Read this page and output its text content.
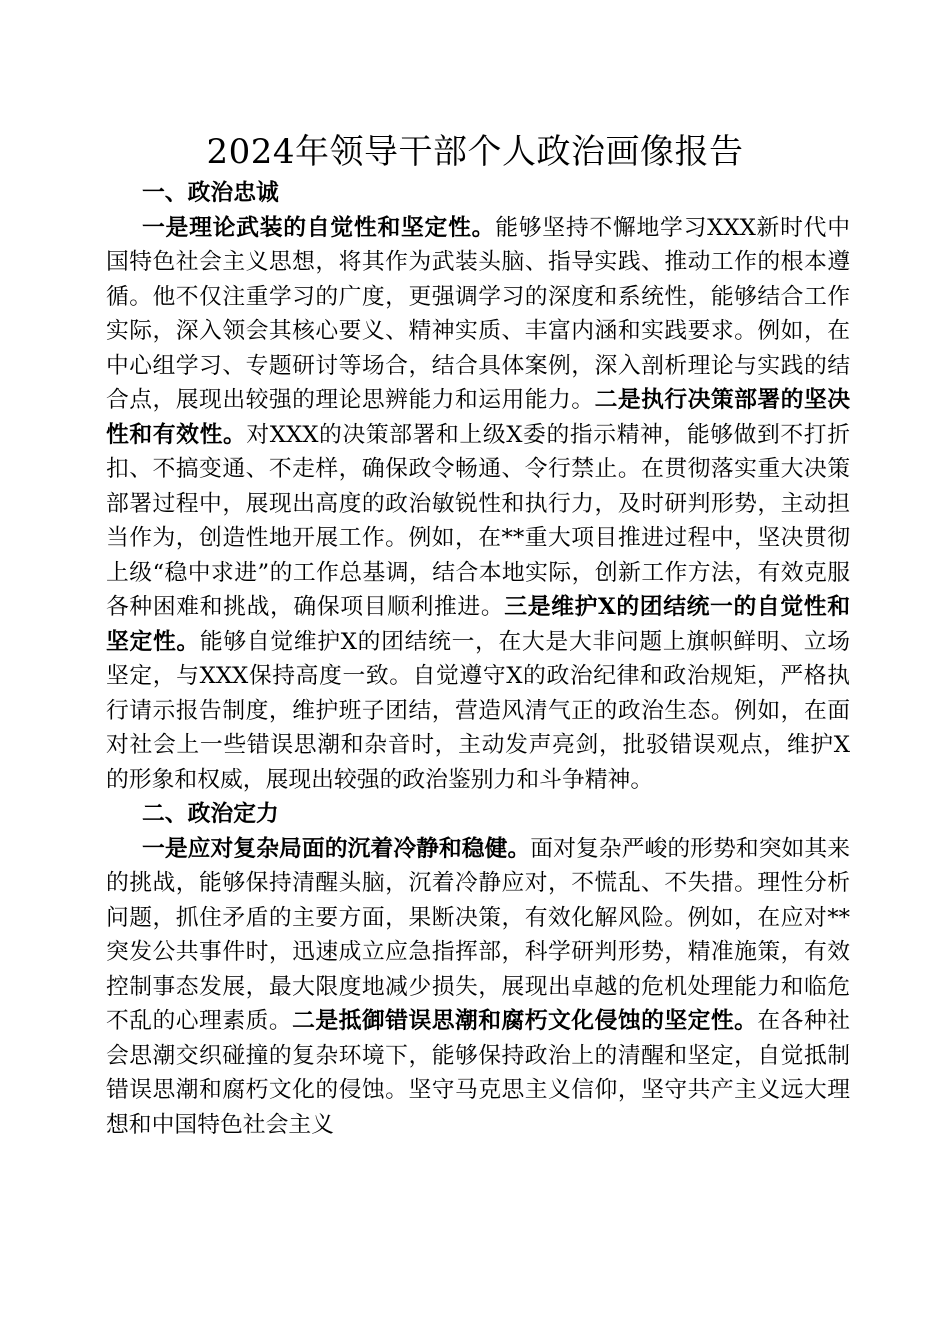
2024年领导干部个人政治画像报告
一、政治忠诚

一是理论武装的自觉性和坚定性。能够坚持不懈地学习XXX新时代中国特色社会主义思想，将其作为武装头脑、指导实践、推动工作的根本遵循。他不仅注重学习的广度，更强调学习的深度和系统性，能够结合工作实际，深入领会其核心要义、精神实质、丰富内涵和实践要求。例如，在中心组学习、专题研讨等场合，结合具体案例，深入剖析理论与实践的结合点，展现出较强的理论思辨能力和运用能力。二是执行决策部署的坚决性和有效性。对XXX的决策部署和上级X委的指示精神，能够做到不打折扣、不搞变通、不走样，确保政令畅通、令行禁止。在贯彻落实重大决策部署过程中，展现出高度的政治敏锐性和执行力，及时研判形势，主动担当作为，创造性地开展工作。例如，在**重大项目推进过程中，坚决贯彻上级“稳中求进”的工作总基调，结合本地实际，创新工作方法，有效克服各种困难和挑战，确保项目顺利推进。三是维护X的团结统一的自觉性和坚定性。能够自觉维护X的团结统一，在大是大非问题上旗帜鲜明、立场坚定，与XXX保持高度一致。自觉遵守X的政治纪律和政治规矩，严格执行请示报告制度，维护班子团结，营造风清气正的政治生态。例如，在面对社会上一些错误思潮和杂音时，主动发声亮剑，批驳错误观点，维护X的形象和权威，展现出较强的政治鉴别力和斗争精神。

二、政治定力

一是应对复杂局面的沉着冷静和稳健。面对复杂严峻的形势和突如其来的挑战，能够保持清醒头脑，沉着冷静应对，不慌乱、不失措。理性分析问题，抓住矛盾的主要方面，果断决策，有效化解风险。例如，在应对**突发公共事件时，迅速成立应急指挥部，科学研判形势，精准施策，有效控制事态发展，最大限度地减少损失，展现出卓越的危机处理能力和临危不乱的心理素质。二是抵御错误思潮和腐朽文化侵蚀的坚定性。在各种社会思潮交织碰撞的复杂环境下，能够保持政治上的清醒和坚定，自觉抵制错误思潮和腐朽文化的侵蚀。坚守马克思主义信仰，坚守共产主义远大理想和中国特色社会主义
